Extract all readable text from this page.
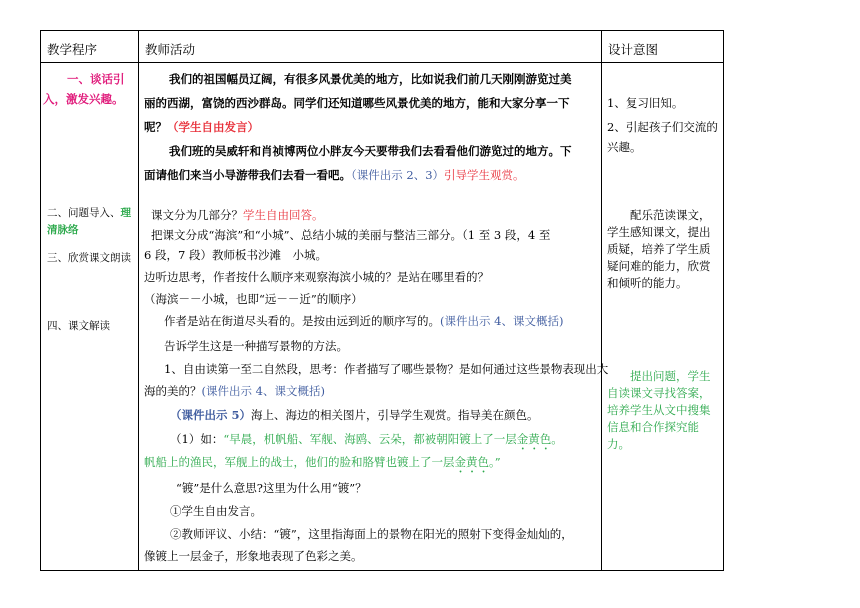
教学程序	教师活动	设计意图
一、谈话引
入，激发兴趣。
二、问题导入、理
清脉络
三、欣赏课文朗读
四、课文解读
我们的祖国幅员辽阔，有很多风景优美的地方，比如说我们前几天刚刚游览过美
丽的西湖，富饶的西沙群岛。同学们还知道哪些风景优美的地方，能和大家分享一下
呢？（学生自由发言）
我们班的吴威轩和肖祯博两位小胖友今天要带我们去看看他们游览过的地方。下
面请他们来当小导游带我们去看一看吧。（课件出示 2、3）引导学生观赏。
课文分为几部分？学生自由回答。
把课文分成“海滨”和“小城”、总结小城的美丽与整洁三部分。（1 至 3 段，4 至
6 段，7 段）教师板书沙滩　小城。
边听边思考，作者按什么顺序来观察海滨小城的？是站在哪里看的？
（海滨－－小城，也即“远－－近”的顺序）
作者是站在街道尽头看的。是按由远到近的顺序写的。(课件出示 4、课文概括)
告诉学生这是一种描写景物的方法。
1、自由读第一至二自然段，思考：作者描写了哪些景物？是如何通过这些景物表现出大
海的美的？(课件出示 4、课文概括)
（课件出示 5）海上、海边的相关图片，引导学生观赏。指导美在颜色。
（1）如：“早晨，机帆船、军舰、海鸥、云朵，都被朝阳镀上了一层金黄色。
帆船上的渔民，军舰上的战士，他们的脸和胳臂也镀上了一层金黄色。”
“镀”是什么意思?这里为什么用“镀”？
①学生自由发言。
②教师评议、小结：“镀”，这里指海面上的景物在阳光的照射下变得金灿灿的，
像镀上一层金子，形象地表现了色彩之美。
1、复习旧知。
2、引起孩子们交流的
兴趣。
配乐范读课文，学生感知课文，提出质疑，培养了学生质疑问难的能力，欣赏和倾听的能力。
提出问题，学生自读课文寻找答案，培养学生从文中搜集信息和合作探究能力。
